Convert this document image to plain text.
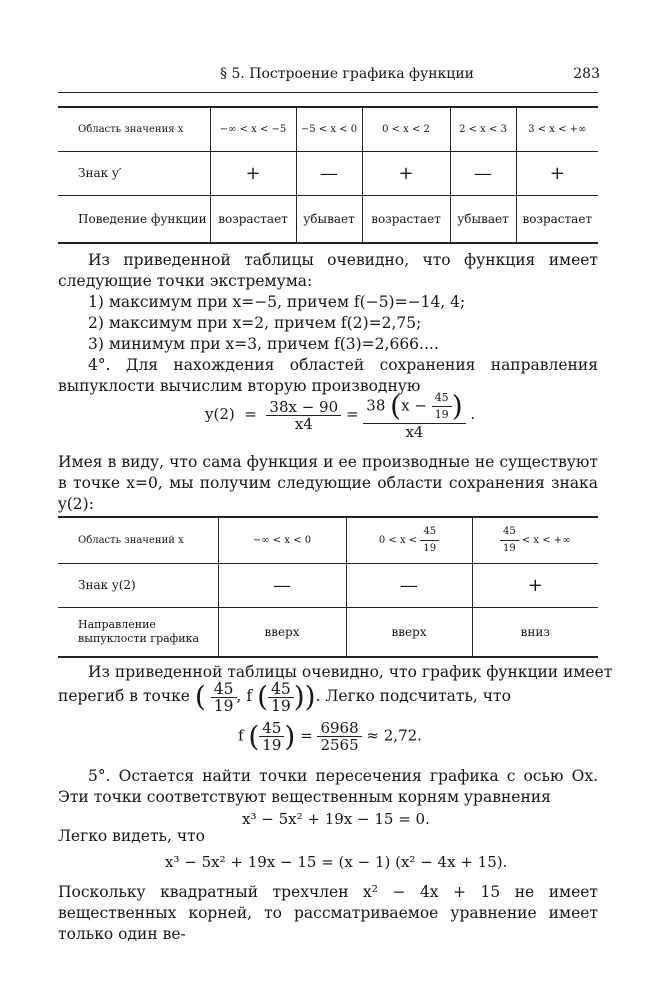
§ 5. Построение графика функции	283
Область значения x	−∞ < x < −5	−5 < x < 0	0 < x < 2	2 < x < 3	3 < x < +∞
Знак y′	+	—	+	—	+
Поведение функции	возрастает	убывает	возрастает	убывает	возрастает
Из приведенной таблицы очевидно, что функция имеет следующие точки экстремума:
1) максимум при x=−5, причем f(−5)=−14, 4;
2) максимум при x=2, причем f(2)=2,75;
3) минимум при x=3, причем f(3)=2,666....
4°. Для нахождения областей сохранения направления выпуклости вычислим вторую производную
$y(2) = \frac{38x - 90}{x4} = \frac{38 (x - \frac{45}{19} )}{x4}$ .
Имея в виду, что сама функция и ее производные не существуют в точке x=0, мы получим следующие области сохранения знака y(2):
Область значений x	−∞ < x < 0	$0 < x < \frac{45}{19}$	$\frac{45}{19} < x$ < +∞
Знак y(2)	—	—	+
Направление выпуклости графика	вверх	вверх	вниз
Из приведенной таблицы очевидно, что график функции имеет
перегиб в точке ( $\frac{45}{19}$ , f ( $\frac{45}{19}$ )). Легко подсчитать, что
f ( $\frac{45}{19}$ ) = $\frac{6968}{2565} \approx 2,72$.
5°. Остается найти точки пересечения графика с осью Ox. Эти точки соответствуют вещественным корням уравнения
x³ − 5x² + 19x − 15 = 0.
Легко видеть, что
x³ − 5x² + 19x − 15 = (x − 1) (x² − 4x + 15).
Поскольку квадратный трехчлен x² − 4x + 15 не имеет вещественных корней, то рассматриваемое уравнение имеет только один ве-
